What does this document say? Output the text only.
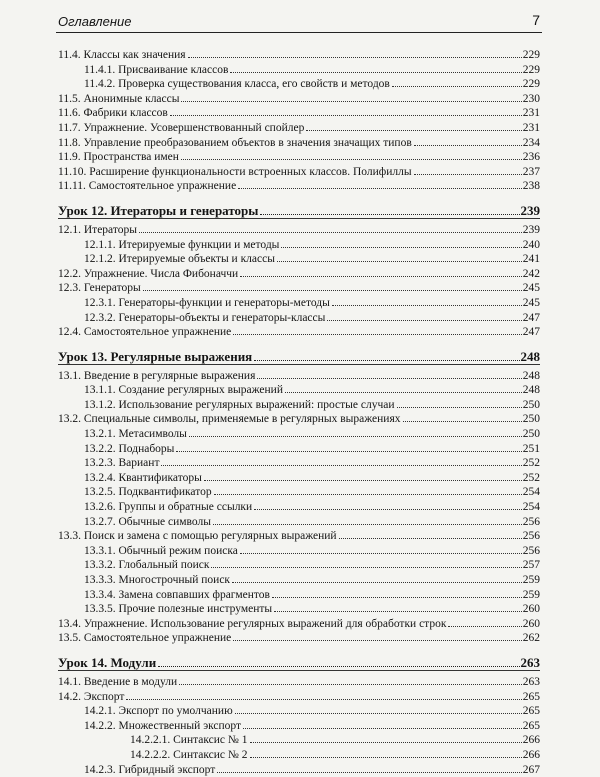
Оглавление	7
11.4. Классы как значения	229
11.4.1. Присваивание классов	229
11.4.2. Проверка существования класса, его свойств и методов	229
11.5. Анонимные классы	230
11.6. Фабрики классов	231
11.7. Упражнение. Усовершенствованный спойлер	231
11.8. Управление преобразованием объектов в значения значащих типов	234
11.9. Пространства имен	236
11.10. Расширение функциональности встроенных классов. Полифиллы	237
11.11. Самостоятельное упражнение	238
Урок 12. Итераторы и генераторы	239
12.1. Итераторы	239
12.1.1. Итерируемые функции и методы	240
12.1.2. Итерируемые объекты и классы	241
12.2. Упражнение. Числа Фибоначчи	242
12.3. Генераторы	245
12.3.1. Генераторы-функции и генераторы-методы	245
12.3.2. Генераторы-объекты и генераторы-классы	247
12.4. Самостоятельное упражнение	247
Урок 13. Регулярные выражения	248
13.1. Введение в регулярные выражения	248
13.1.1. Создание регулярных выражений	248
13.1.2. Использование регулярных выражений: простые случаи	250
13.2. Специальные символы, применяемые в регулярных выражениях	250
13.2.1. Метасимволы	250
13.2.2. Поднаборы	251
13.2.3. Вариант	252
13.2.4. Квантификаторы	252
13.2.5. Подквантификатор	254
13.2.6. Группы и обратные ссылки	254
13.2.7. Обычные символы	256
13.3. Поиск и замена с помощью регулярных выражений	256
13.3.1. Обычный режим поиска	256
13.3.2. Глобальный поиск	257
13.3.3. Многострочный поиск	259
13.3.4. Замена совпавших фрагментов	259
13.3.5. Прочие полезные инструменты	260
13.4. Упражнение. Использование регулярных выражений для обработки строк	260
13.5. Самостоятельное упражнение	262
Урок 14. Модули	263
14.1. Введение в модули	263
14.2. Экспорт	265
14.2.1. Экспорт по умолчанию	265
14.2.2. Множественный экспорт	265
14.2.2.1. Синтаксис № 1	266
14.2.2.2. Синтаксис № 2	266
14.2.3. Гибридный экспорт	267
